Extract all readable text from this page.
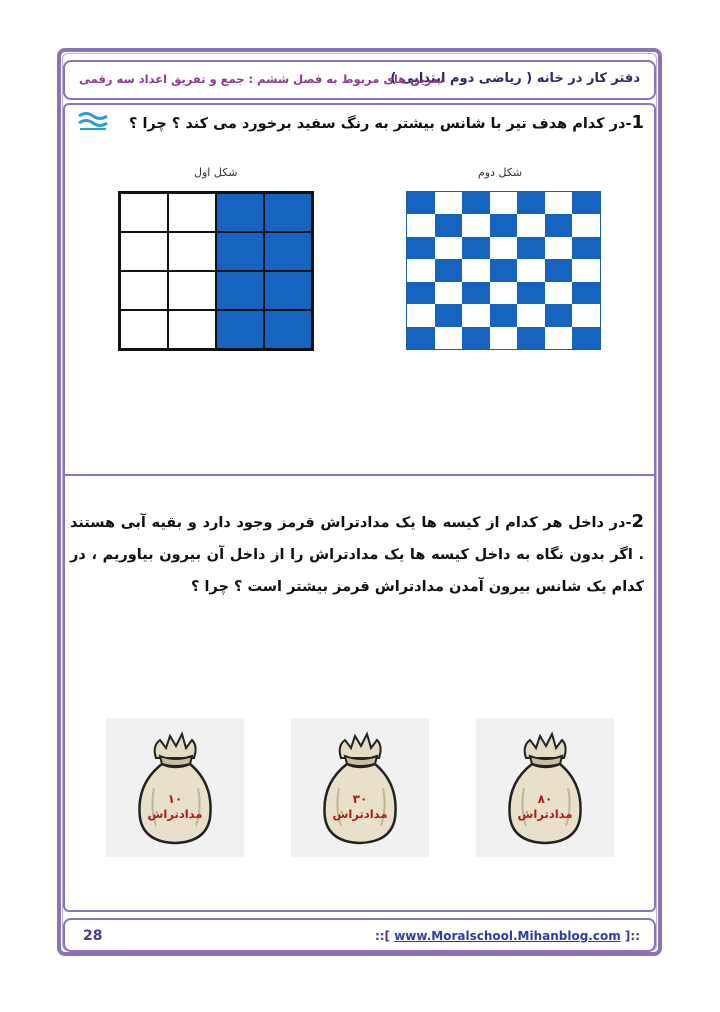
دفتر کار در خانه ( ریاضی دوم ابتدایی )
تمرین های مربوط به فصل ششم : جمع و تفریق اعداد سه رقمی
1-در کدام هدف تیر با شانس بیشتر به رنگ سفید برخورد می کند ؟ چرا ؟
شکل اول	شکل دوم
2-در داخل هر کدام از کیسه ها یک مدادتراش قرمز وجود دارد و بقیه آبی هستند . اگر بدون نگاه به داخل کیسه ها یک مدادتراش را از داخل آن بیرون بیاوریم ، در کدام یک شانس بیرون آمدن مدادتراش قرمز بیشتر است ؟ چرا ؟
۱۰
مدادتراش
۳۰
مدادتراش
۸۰
مدادتراش
28	::[ www.Moralschool.Mihanblog.com ]::
